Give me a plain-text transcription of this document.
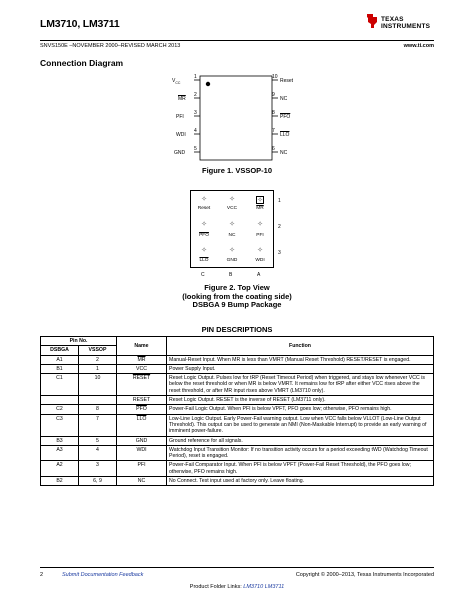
LM3710, LM3711	TEXAS
INSTRUMENTS
SNVS150E –NOVEMBER 2000–REVISED MARCH 2013	www.ti.com
Connection Diagram
$V_{CC}$
1
$\overline{MR}$
2
PFI
3
WDI
4
GND
5
10
Reset
9
NC
8
$\overline{PFO}$
7
$\overline{LLO}$
6
NC
Figure 1. VSSOP-10
✧	✧	✧
Reset	VCC	$\overline{MR}$
✧	✧	✧
$\overline{PFO}$	NC	PFI
✧	✧	✧
$\overline{LLO}$	GND	WDI
1
2
3
C	B	A
Figure 2. Top View
(looking from the coating side)
DSBGA 9 Bump Package
PIN DESCRIPTIONS
Pin No.		Name	Function
DSBGA	VSSOP		
A1	2	$\overline{MR}$	Manual-Reset Input. When MR is less than VMRT (Manual Reset Threshold) RESET/RESET is engaged.
B1	1	VCC	Power Supply Input.
C1	10	RESET	Reset Logic Output. Pulses low for tRP (Reset Timeout Period) when triggered, and stays low whenever VCC is below the reset threshold or when MR is below VMRT. It remains low for tRP after either VCC rises above the reset threshold, or after MR input rises above VMRT (LM3710 only).
		RESET	Reset Logic Output. RESET is the inverse of RESET (LM3711 only).
C2	8	$\overline{PFO}$	Power-Fail Logic Output. When PFI is below VPFT, PFO goes low; otherwise, PFO remains high.
C3	7	$\overline{LLO}$	Low-Line Logic Output. Early Power-Fail warning output. Low when VCC falls below VLLOT (Low-Line Output Threshold). This output can be used to generate an NMI (Non-Maskable Interrupt) to provide an early warning of imminent power-failure.
B3	5	GND	Ground reference for all signals.
A3	4	WDI	Watchdog Input Transition Monitor: If no transition activity occurs for a period exceeding tWD (Watchdog Timeout Period), reset is engaged.
A2	3	PFI	Power-Fail Comparator Input. When PFI is below VPFT (Power-Fail Reset Threshold), the PFO goes low; otherwise, PFO remains high.
B2	6, 9	NC	No Connect. Test input used at factory only. Leave floating.
2	Submit Documentation Feedback	Copyright © 2000–2013, Texas Instruments Incorporated
Product Folder Links: LM3710 LM3711
